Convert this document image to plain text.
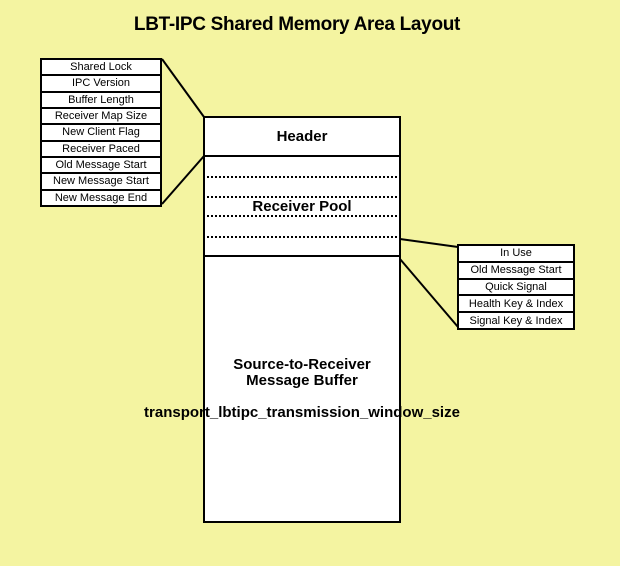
LBT-IPC Shared Memory Area Layout
Shared Lock
IPC Version
Buffer Length
Receiver Map Size
New Client Flag
Receiver Paced
Old Message Start
New Message Start
New Message End
Header
Receiver Pool
Source-to-Receiver
Message Buffer
transport_lbtipc_transmission_window_size
In Use
Old Message Start
Quick Signal
Health Key & Index
Signal Key & Index
